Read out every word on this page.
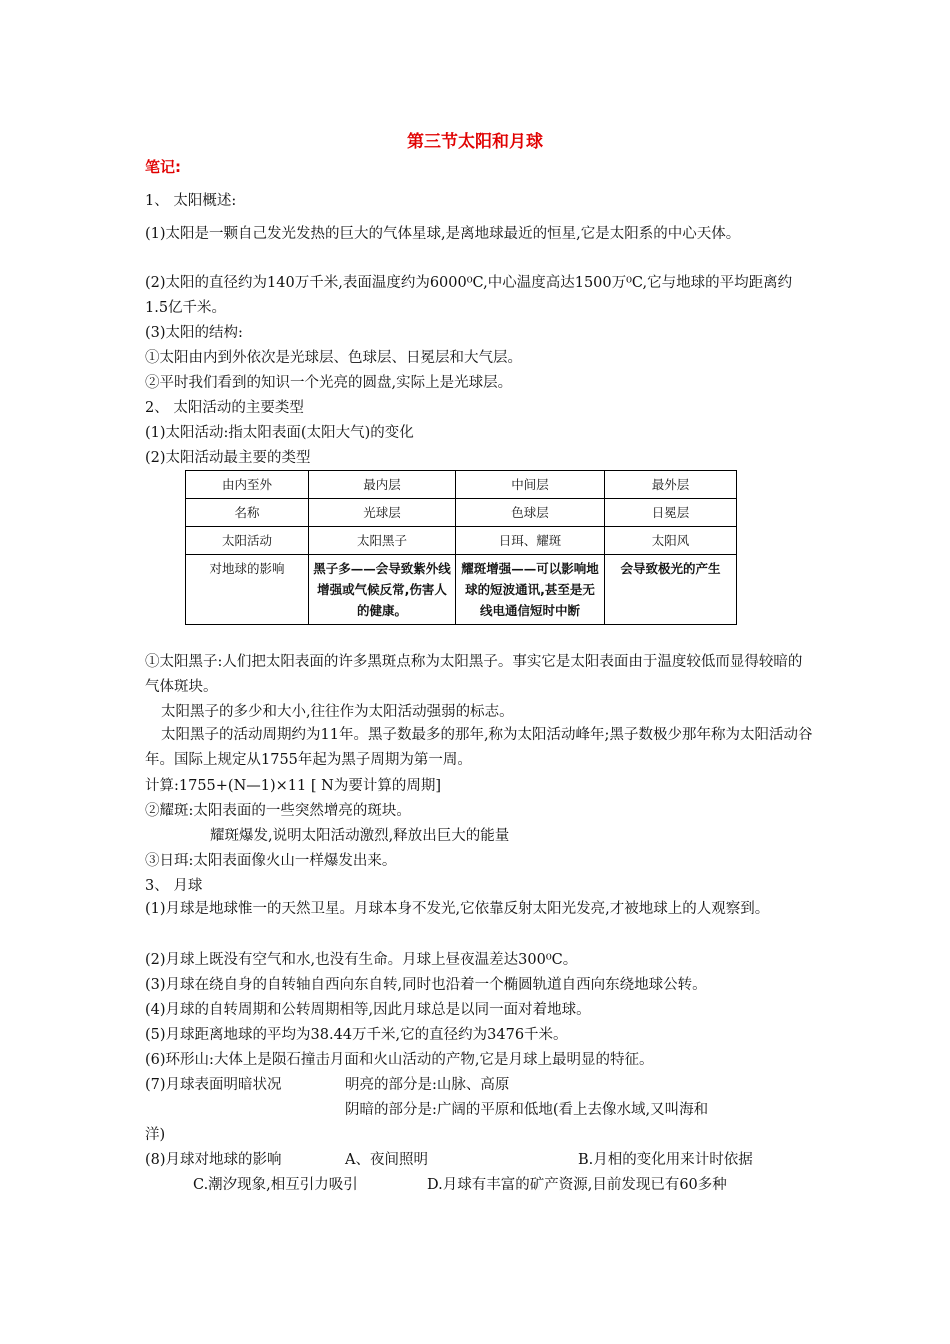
第三节太阳和月球
笔记:
1、 太阳概述:
(1)太阳是一颗自己发光发热的巨大的气体星球,是离地球最近的恒星,它是太阳系的中心天体。
(2)太阳的直径约为140万千米,表面温度约为6000⁰C,中心温度高达1500万⁰C,它与地球的平均距离约1.5亿千米。
(3)太阳的结构:
①太阳由内到外依次是光球层、色球层、日冕层和大气层。
②平时我们看到的知识一个光亮的圆盘,实际上是光球层。
2、 太阳活动的主要类型
(1)太阳活动:指太阳表面(太阳大气)的变化
(2)太阳活动最主要的类型
由内至外	最内层	中间层	最外层
名称	光球层	色球层	日冕层
太阳活动	太阳黑子	日珥、耀斑	太阳风
对地球的影响	黑子多——会导致紫外线增强或气候反常,伤害人的健康。	耀斑增强——可以影响地球的短波通讯,甚至是无线电通信短时中断	会导致极光的产生
①太阳黑子:人们把太阳表面的许多黑斑点称为太阳黑子。事实它是太阳表面由于温度较低而显得较暗的气体斑块。
太阳黑子的多少和大小,往往作为太阳活动强弱的标志。
太阳黑子的活动周期约为11年。黑子数最多的那年,称为太阳活动峰年;黑子数极少那年称为太阳活动谷年。国际上规定从1755年起为黑子周期为第一周。
计算:1755+(N—1)×11 [ N为要计算的周期]
②耀斑:太阳表面的一些突然增亮的斑块。
耀斑爆发,说明太阳活动激烈,释放出巨大的能量
③日珥:太阳表面像火山一样爆发出来。
3、 月球
(1)月球是地球惟一的天然卫星。月球本身不发光,它依靠反射太阳光发亮,才被地球上的人观察到。
(2)月球上既没有空气和水,也没有生命。月球上昼夜温差达300⁰C。
(3)月球在绕自身的自转轴自西向东自转,同时也沿着一个椭圆轨道自西向东绕地球公转。
(4)月球的自转周期和公转周期相等,因此月球总是以同一面对着地球。
(5)月球距离地球的平均为38.44万千米,它的直径约为3476千米。
(6)环形山:大体上是陨石撞击月面和火山活动的产物,它是月球上最明显的特征。
(7)月球表面明暗状况	明亮的部分是:山脉、高原
阴暗的部分是:广阔的平原和低地(看上去像水域,又叫海和
洋)
(8)月球对地球的影响	A、夜间照明	B.月相的变化用来计时依据
C.潮汐现象,相互引力吸引	D.月球有丰富的矿产资源,目前发现已有60多种
